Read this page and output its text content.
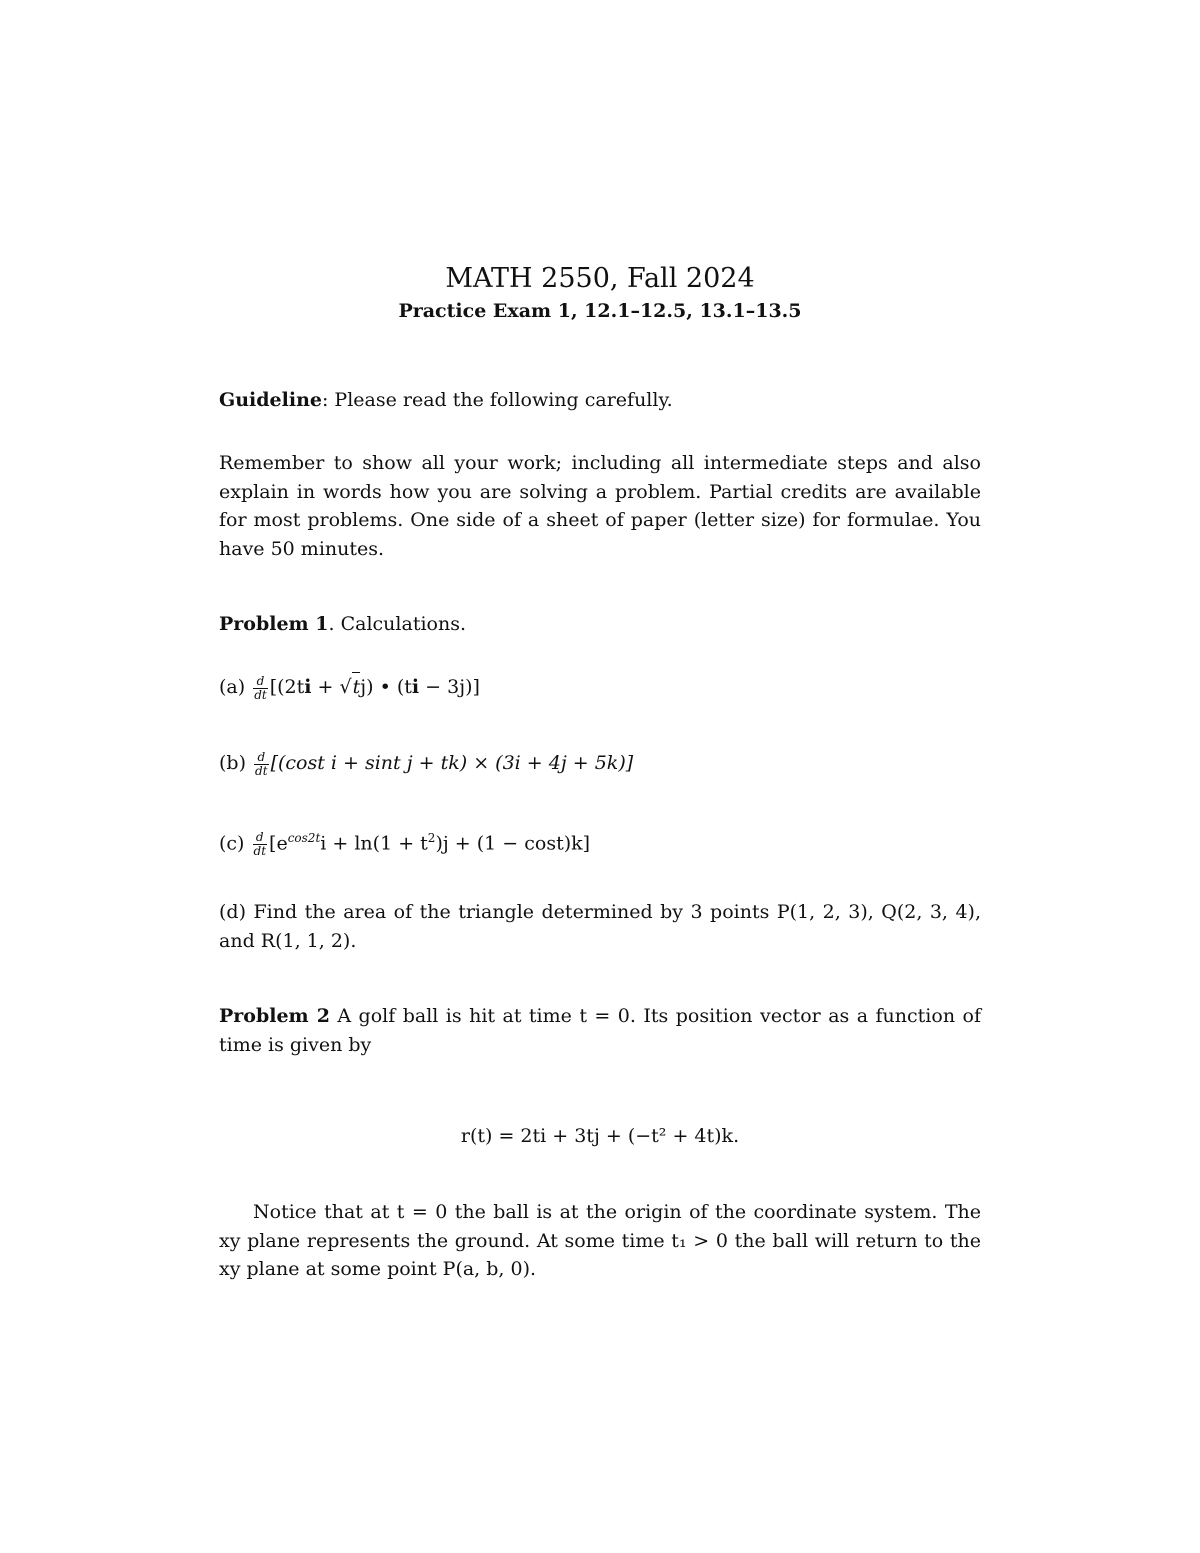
MATH 2550, Fall 2024
Practice Exam 1, 12.1–12.5, 13.1–13.5
Guideline: Please read the following carefully.
Remember to show all your work; including all intermediate steps and also explain in words how you are solving a problem. Partial credits are available for most problems. One side of a sheet of paper (letter size) for formulae. You have 50 minutes.
Problem 1. Calculations.
$(a) \frac{d}{dt} [(2ti + √tj)$ • (ti − 3j)]
$(b) \frac{d}{dt} [(\cos t$ i + sint j + tk) × (3i + 4j + 5k)]
$(c) \frac{d}{dt} [e^{cos2t}i + \ln(1 + t^2)j + (1 - \cos t)k]$
(d) Find the area of the triangle determined by 3 points P(1, 2, 3), Q(2, 3, 4), and R(1, 1, 2).
Problem 2 A golf ball is hit at time t = 0. Its position vector as a function of time is given by
r(t) = 2ti + 3tj + (−t² + 4t)k.
Notice that at t = 0 the ball is at the origin of the coordinate system. The xy plane represents the ground. At some time t₁ > 0 the ball will return to the xy plane at some point P(a, b, 0).
